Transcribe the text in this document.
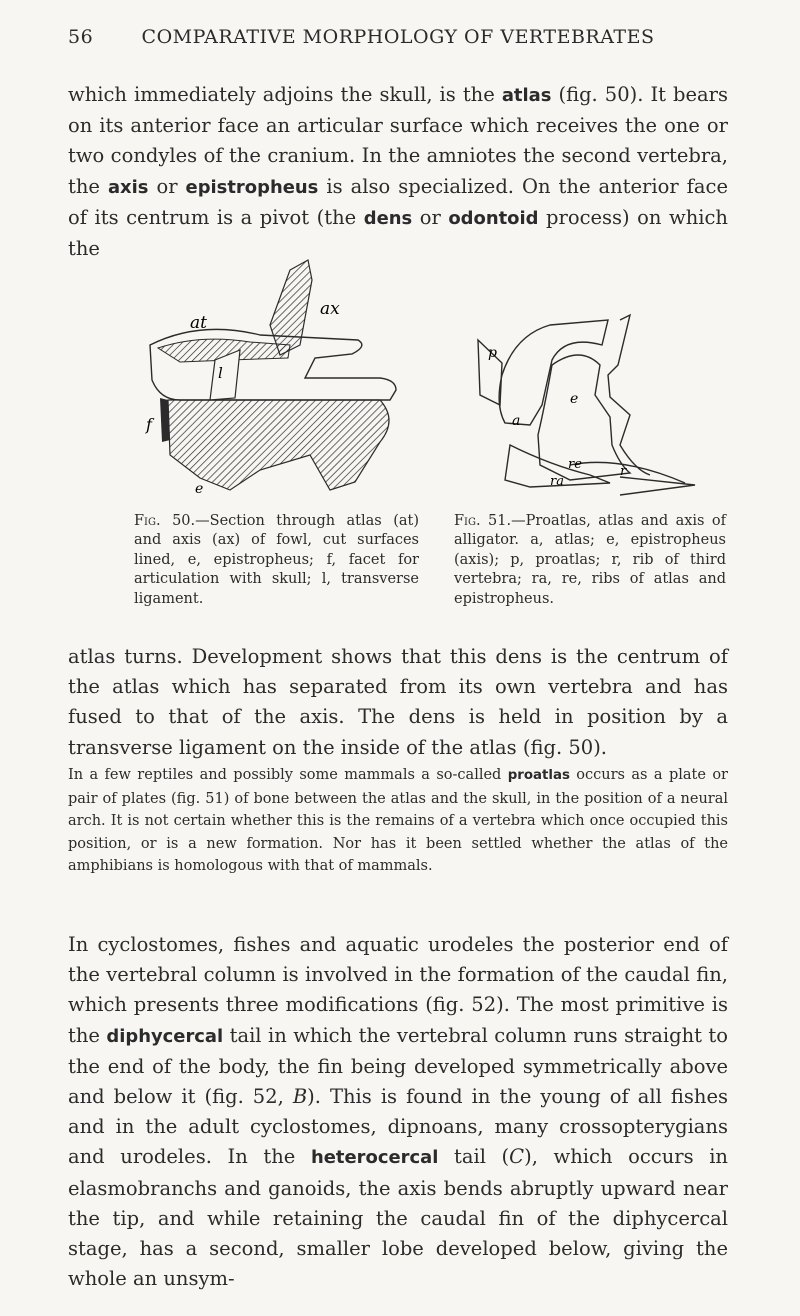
56	COMPARATIVE MORPHOLOGY OF VERTEBRATES

which immediately adjoins the skull, is the atlas (fig. 50). It bears on its anterior face an articular surface which receives the one or two condyles of the cranium. In the amniotes the second vertebra, the axis or epistropheus is also specialized. On the anterior face of its centrum is a pivot (the dens or odontoid process) on which the

at
ax
l
f
e

Fig. 50.—Section through atlas (at) and axis (ax) of fowl, cut surfaces lined, e, epistropheus; f, facet for articulation with skull; l, transverse ligament.

p
a
e
r
re
ra

Fig. 51.—Proatlas, atlas and axis of alligator. a, atlas; e, epistropheus (axis); p, proatlas; r, rib of third vertebra; ra, re, ribs of atlas and epistropheus.

atlas turns. Development shows that this dens is the centrum of the atlas which has separated from its own vertebra and has fused to that of the axis. The dens is held in position by a transverse ligament on the inside of the atlas (fig. 50).

In a few reptiles and possibly some mammals a so-called proatlas occurs as a plate or pair of plates (fig. 51) of bone between the atlas and the skull, in the position of a neural arch. It is not certain whether this is the remains of a vertebra which once occupied this position, or is a new formation. Nor has it been settled whether the atlas of the amphibians is homologous with that of mammals.

In cyclostomes, fishes and aquatic urodeles the posterior end of the vertebral column is involved in the formation of the caudal fin, which presents three modifications (fig. 52). The most primitive is the diphycercal tail in which the vertebral column runs straight to the end of the body, the fin being developed symmetrically above and below it (fig. 52, B). This is found in the young of all fishes and in the adult cyclostomes, dipnoans, many crossopterygians and urodeles. In the heterocercal tail (C), which occurs in elasmobranchs and ganoids, the axis bends abruptly upward near the tip, and while retaining the caudal fin of the diphycercal stage, has a second, smaller lobe developed below, giving the whole an unsym-
